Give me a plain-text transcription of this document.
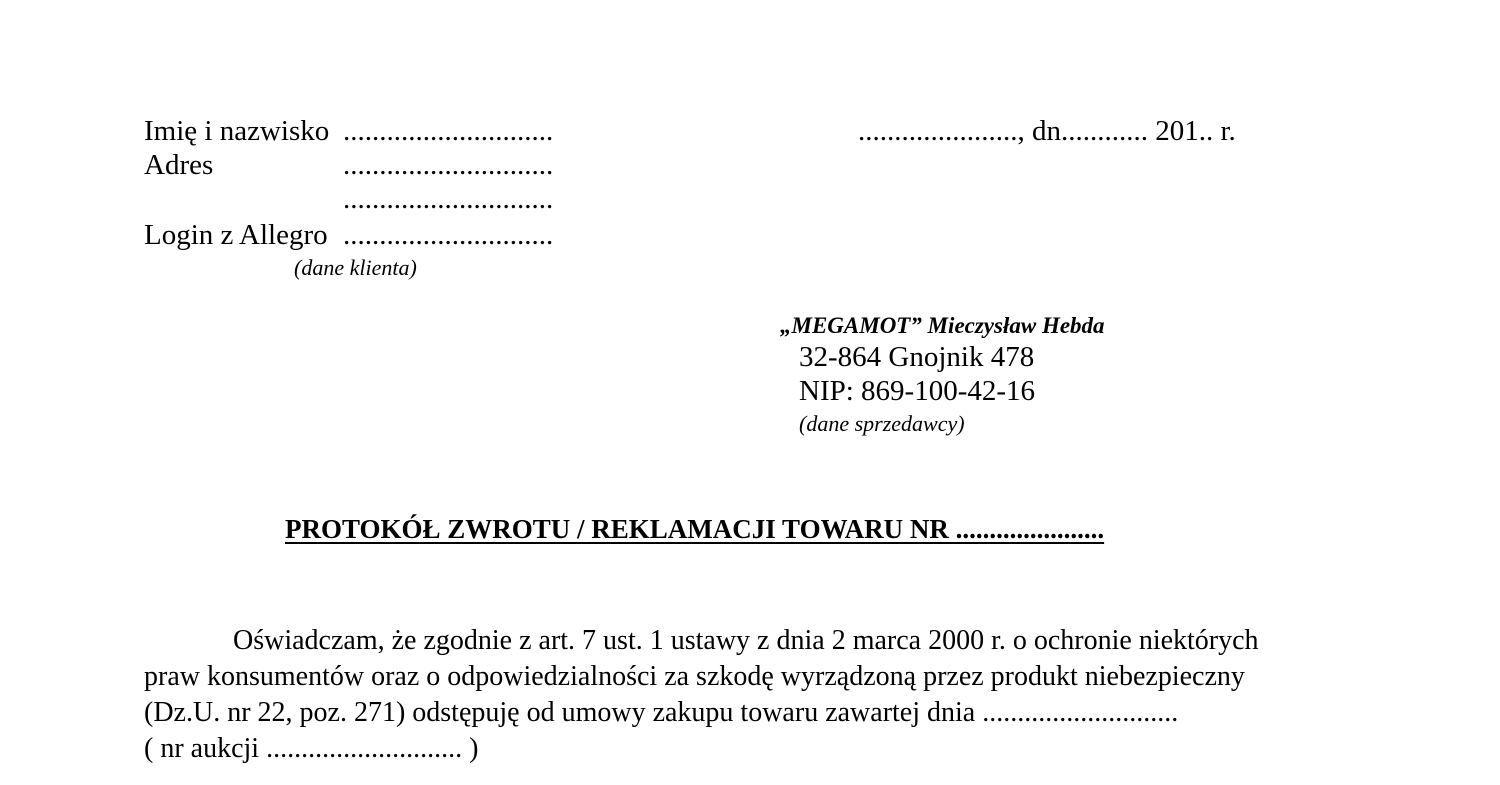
Imię i nazwisko .............................
Adres	.............................
.............................
Login z Allegro .............................
(dane klienta)
......................, dn............ 201.. r.
„MEGAMOT” Mieczysław Hebda
32-864 Gnojnik 478
NIP: 869-100-42-16
(dane sprzedawcy)
PROTOKÓŁ ZWROTU / REKLAMACJI TOWARU NR ......................
Oświadczam, że zgodnie z art. 7 ust. 1 ustawy z dnia 2 marca 2000 r. o ochronie niektórych
praw konsumentów oraz o odpowiedzialności za szkodę wyrządzoną przez produkt niebezpieczny
(Dz.U. nr 22, poz. 271) odstępuję od umowy zakupu towaru zawartej dnia ............................
( nr aukcji ............................ )
